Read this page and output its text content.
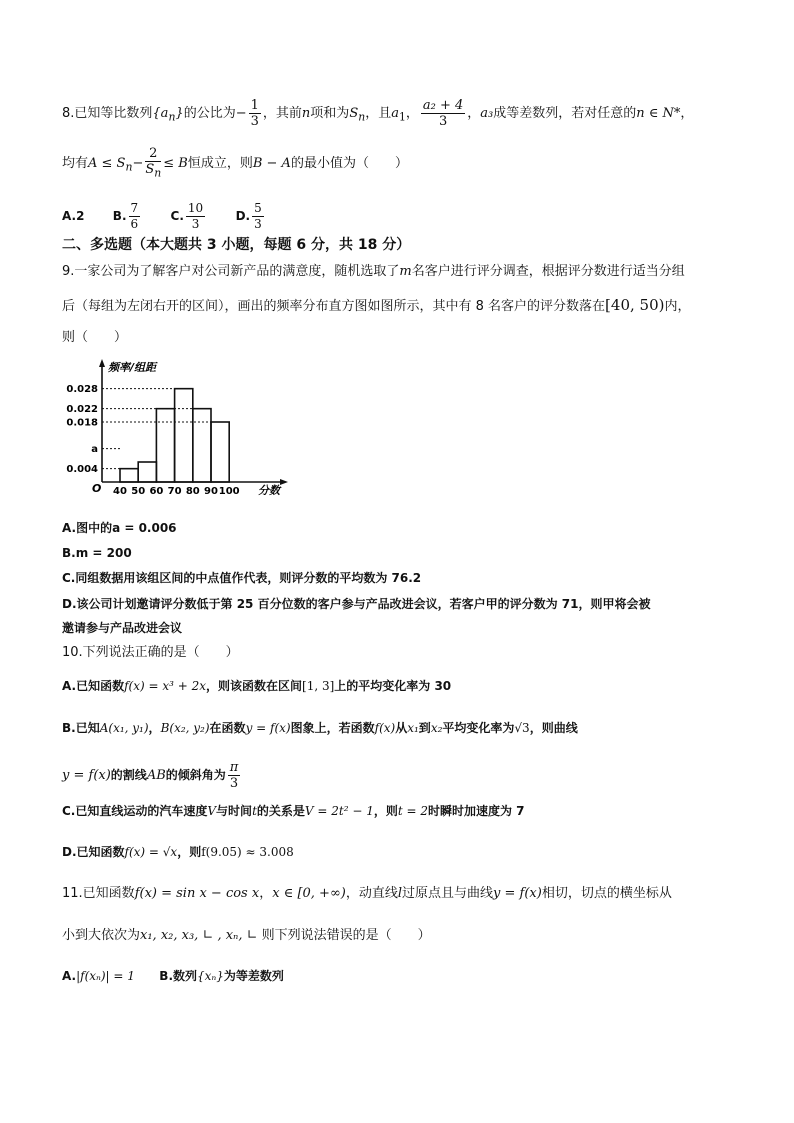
8.已知等比数列$\{a_n\}$的公比为− $\frac{1}{3}$ ，其前n项和为$S_n$，且$a_1$， $\frac{\text{a₂ + 4}}{3}$ ，a₃成等差数列，若对任意的n ∈ N*，
均有$A \le S_n- \frac{2}{S_n} \le B$恒成立，则B − A的最小值为（　　）
A.2 B. $\frac{7}{6}$	C. $\frac{10}{3}$	D. $\frac{5}{3}$
二、多选题（本大题共 3 小题，每题 6 分，共 18 分）
9.一家公司为了解客户对公司新产品的满意度，随机选取了m名客户进行评分调查，根据评分数进行适当分组
后（每组为左闭右开的区间），画出的频率分布直方图如图所示，其中有 8 名客户的评分数落在[40, 50)内，
则（　　）
0.028
0.022
0.018
a
0.004
40 50 60 70 80 90 100
O
频率/组距
分数
A.图中的a = 0.006
B.m = 200
C.同组数据用该组区间的中点值作代表，则评分数的平均数为 76.2
D.该公司计划邀请评分数低于第 25 百分位数的客户参与产品改进会议，若客户甲的评分数为 71，则甲将会被
邀请参与产品改进会议
10.下列说法正确的是（　　）
A.已知函数f(x) = x³ + 2x，则该函数在区间[1, 3]上的平均变化率为 30
B.已知A(x₁, y₁)，B(x₂, y₂)在函数y = f(x)图象上，若函数f(x)从x₁到x₂平均变化率为√3，则曲线
y = f(x)的割线AB的倾斜角为 $\frac{\pi}{3}$
C.已知直线运动的汽车速度V与时间t的关系是V = 2t² − 1，则t = 2时瞬时加速度为 7
D.已知函数f(x) = √x，则f(9.05) ≈ 3.008
11.已知函数f(x) = sin x − cos x，x ∈ [0, +∞)，动直线l过原点且与曲线y = f(x)相切，切点的横坐标从
小到大依次为x₁, x₂, x₃, ∟ , xₙ, ∟ 则下列说法错误的是（　　）
A.|f(xₙ)| = 1 B.数列{xₙ}为等差数列
